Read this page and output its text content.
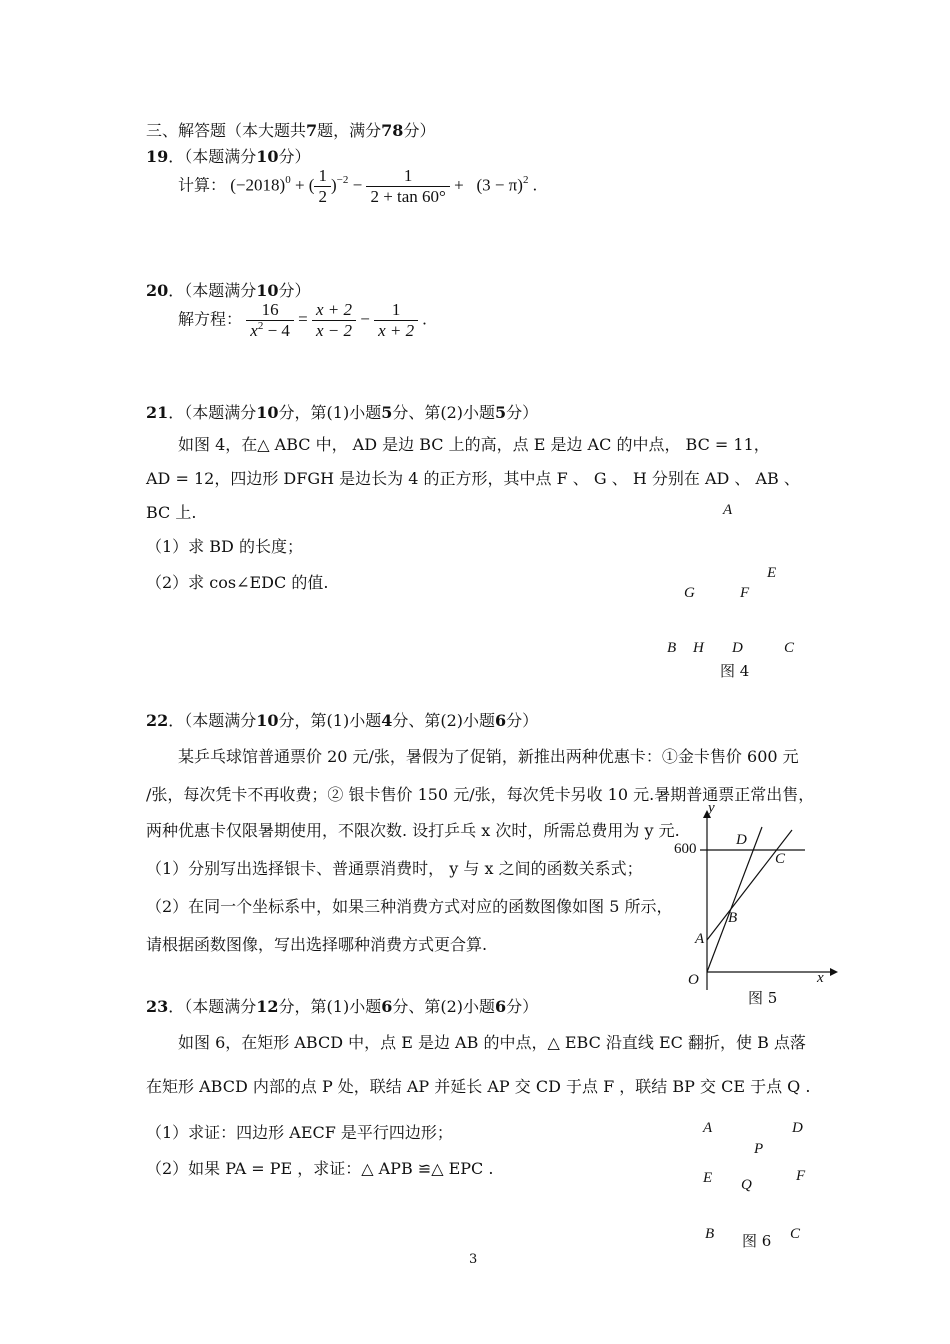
三、解答题（本大题共7题，满分78分）
19．（本题满分10分）
计算： $(-2018)^0$ + ( $\frac{1}{2} )^{-2} - \frac{1}{2 + \tan 60^\circ} + (3 - \pi)^2$ .
20．（本题满分10分）
解方程： $\frac{16}{x^2 - 4} = \frac{x + 2}{x - 2} - \frac{1}{x + 2}$ .
21．（本题满分10分，第(1)小题5分、第(2)小题5分）
如图 4，在△ ABC 中， AD 是边 BC 上的高，点 E 是边 AC 的中点， BC = 11，
AD = 12，四边形 DFGH 是边长为 4 的正方形，其中点 F 、 G 、 H 分别在 AD 、 AB 、
BC 上.
（1）求 BD 的长度；
（2）求 cos∠EDC 的值.
A
E
G	F
B H D	C
图 4
22．（本题满分10分，第(1)小题4分、第(2)小题6分）
某乒乓球馆普通票价 20 元/张，暑假为了促销，新推出两种优惠卡：①金卡售价 600 元
/张，每次凭卡不再收费；② 银卡售价 150 元/张，每次凭卡另收 10 元.暑期普通票正常出售，
两种优惠卡仅限暑期使用，不限次数. 设打乒乓 x 次时，所需总费用为 y 元.
（1）分别写出选择银卡、普通票消费时， y 与 x 之间的函数关系式；
（2）在同一个坐标系中，如果三种消费方式对应的函数图像如图 5 所示，
请根据函数图像，写出选择哪种消费方式更合算.
y
600
D
C
B
A
O	x
图 5
23．（本题满分12分，第(1)小题6分、第(2)小题6分）
如图 6，在矩形 ABCD 中，点 E 是边 AB 的中点，△ EBC 沿直线 EC 翻折，使 B 点落
在矩形 ABCD 内部的点 P 处，联结 AP 并延长 AP 交 CD 于点 F ，联结 BP 交 CE 于点 Q .
（1）求证：四边形 AECF 是平行四边形；
（2）如果 PA = PE ，求证：△ APB ≌△ EPC .
A	D
P
E	F
Q
B 图 6 C
3
